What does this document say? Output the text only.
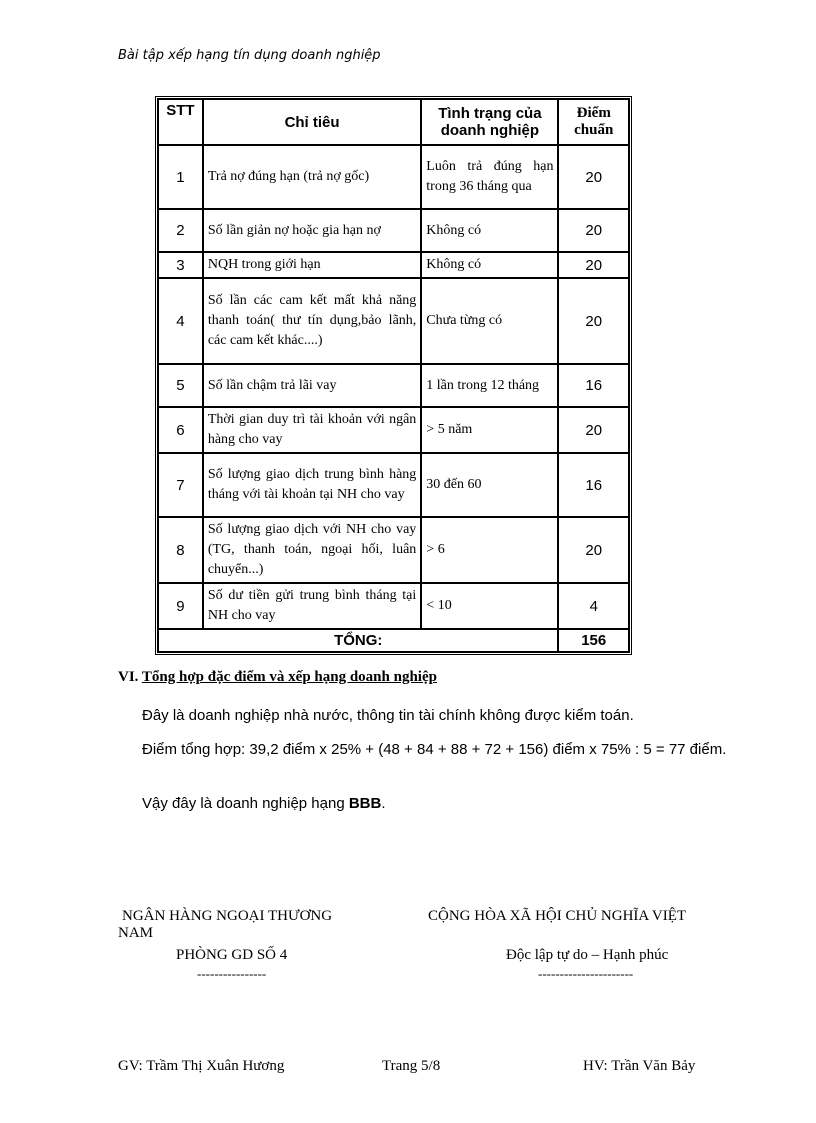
Bài tập xếp hạng tín dụng doanh nghiệp
STT	Chỉ tiêu	Tình trạng của doanh nghiệp	Điểm chuẩn
1	Trả nợ đúng hạn (trả nợ gốc)	Luôn trả đúng hạn trong 36 tháng qua	20
2	Số lần giản nợ hoặc gia hạn nợ	Không có	20
3	NQH trong giới hạn	Không có	20
4	Số lần các cam kết mất khả năng thanh toán( thư tín dụng,bảo lãnh, các cam kết khác....)	Chưa từng có	20
5	Số lần chậm trả lãi vay	1 lần trong 12 tháng	16
6	Thời gian duy trì tài khoản với ngân hàng cho vay	> 5 năm	20
7	Số lượng giao dịch trung bình hàng tháng với tài khoản tại NH cho vay	30 đến 60	16
8	Số lượng giao dịch với NH cho vay (TG, thanh toán, ngoại hối, luân chuyển...)	> 6	20
9	Số dư tiền gửi trung bình tháng tại NH cho vay	< 10	4
TỔNG:			156
VI. Tổng hợp đặc điểm và xếp hạng doanh nghiệp
Đây là doanh nghiệp nhà nước, thông tin tài chính không được kiểm toán.
Điểm tổng hợp: 39,2 điểm x 25% + (48 + 84 + 88 + 72 + 156) điểm x 75% : 5 = 77 điểm.
Vậy đây là doanh nghiệp hạng BBB.
NGÂN HÀNG NGOẠI THƯƠNG NAM
PHÒNG GD SỐ 4
----------------
CỘNG HÒA XÃ HỘI CHỦ NGHĨA VIỆT
Độc lập tự do – Hạnh phúc
----------------------
GV: Trầm Thị Xuân Hương	Trang 5/8	HV: Trần Văn Bảy
